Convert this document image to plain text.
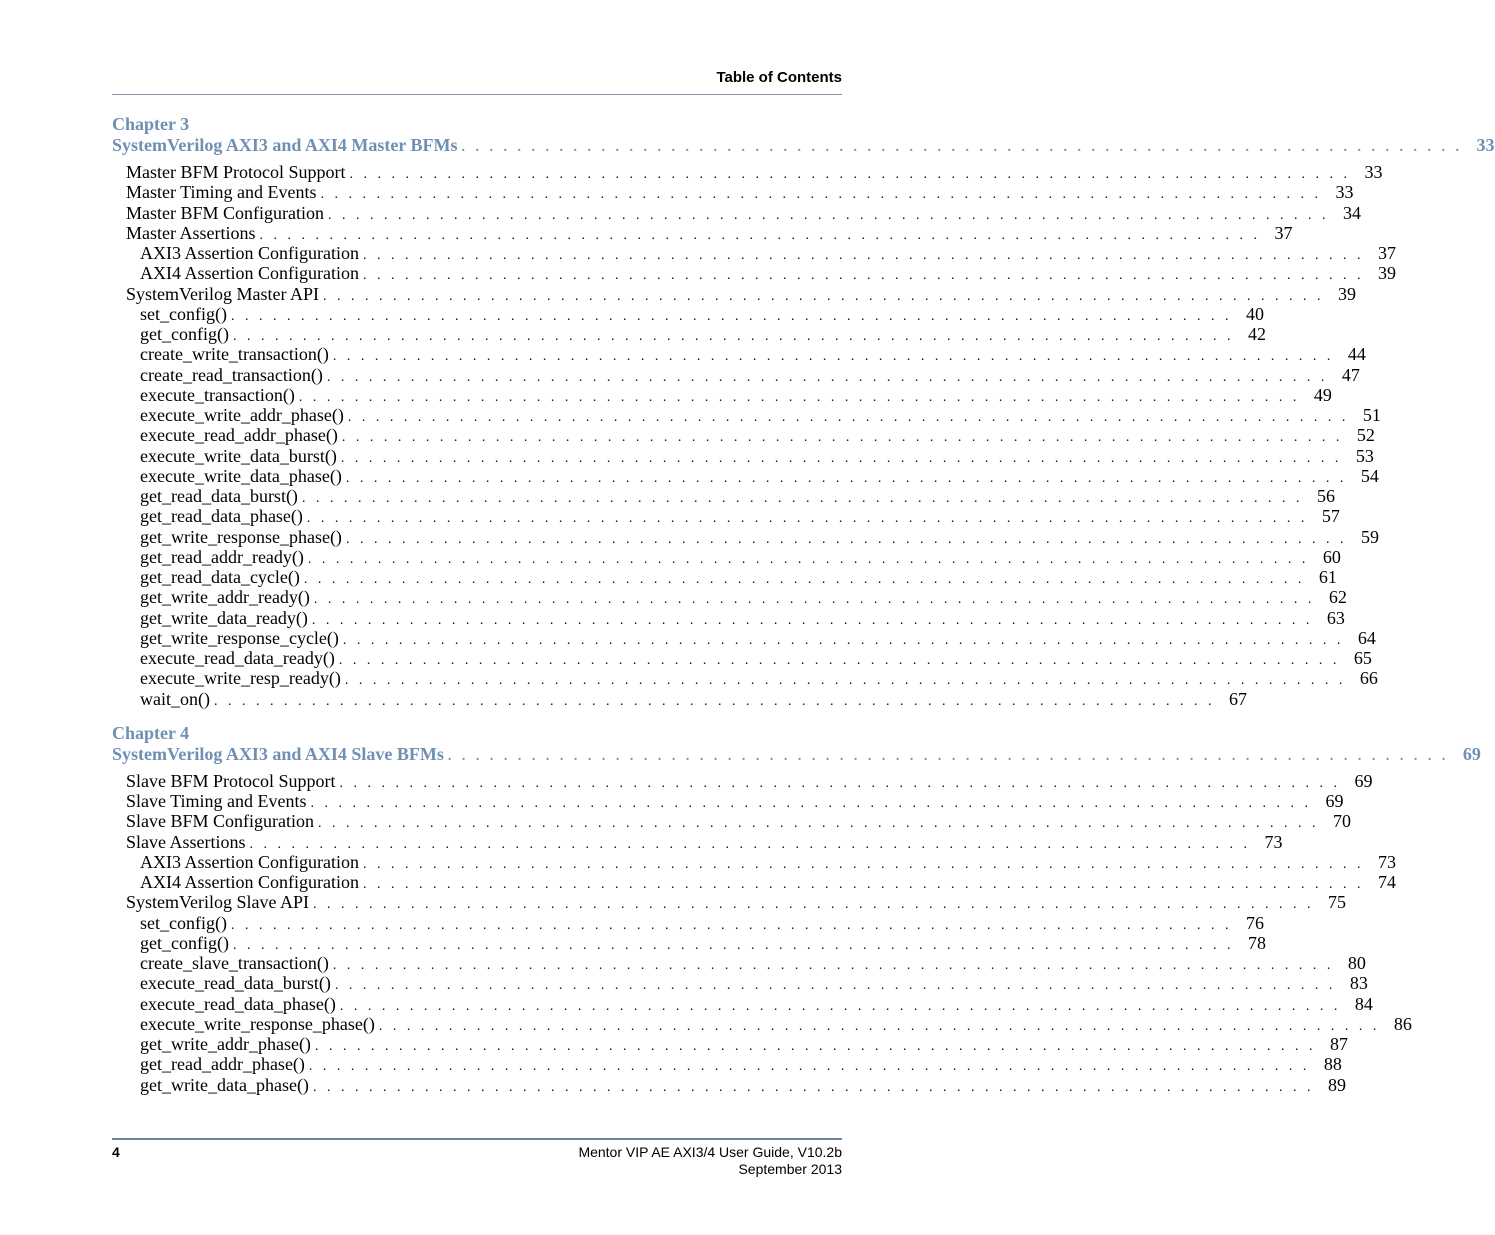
Table of Contents
Chapter 3
SystemVerilog AXI3 and AXI4 Master BFMs . . . . . . . . . . . . . . . . . . . . . . . . . . . . . . . . . . . . . . . . . . . . . . . . . . . . . . . . . . . . . . . . . . . . . . . . 33
Master BFM Protocol Support . . . . . . . . . . . . . . . . . . . . . . . . . . . . . . . . . . . . . . . . . . . . . . . . . . . . . . . . . . . . . . . . . . . . . . . . 33
Master Timing and Events . . . . . . . . . . . . . . . . . . . . . . . . . . . . . . . . . . . . . . . . . . . . . . . . . . . . . . . . . . . . . . . . . . . . . . . . 33
Master BFM Configuration . . . . . . . . . . . . . . . . . . . . . . . . . . . . . . . . . . . . . . . . . . . . . . . . . . . . . . . . . . . . . . . . . . . . . . . . 34
Master Assertions . . . . . . . . . . . . . . . . . . . . . . . . . . . . . . . . . . . . . . . . . . . . . . . . . . . . . . . . . . . . . . . . . . . . . . . . 37
AXI3 Assertion Configuration . . . . . . . . . . . . . . . . . . . . . . . . . . . . . . . . . . . . . . . . . . . . . . . . . . . . . . . . . . . . . . . . . . . . . . . . 37
AXI4 Assertion Configuration . . . . . . . . . . . . . . . . . . . . . . . . . . . . . . . . . . . . . . . . . . . . . . . . . . . . . . . . . . . . . . . . . . . . . . . . 39
SystemVerilog Master API . . . . . . . . . . . . . . . . . . . . . . . . . . . . . . . . . . . . . . . . . . . . . . . . . . . . . . . . . . . . . . . . . . . . . . . . 39
set_config() . . . . . . . . . . . . . . . . . . . . . . . . . . . . . . . . . . . . . . . . . . . . . . . . . . . . . . . . . . . . . . . . . . . . . . . . 40
get_config() . . . . . . . . . . . . . . . . . . . . . . . . . . . . . . . . . . . . . . . . . . . . . . . . . . . . . . . . . . . . . . . . . . . . . . . . 42
create_write_transaction() . . . . . . . . . . . . . . . . . . . . . . . . . . . . . . . . . . . . . . . . . . . . . . . . . . . . . . . . . . . . . . . . . . . . . . . . 44
create_read_transaction() . . . . . . . . . . . . . . . . . . . . . . . . . . . . . . . . . . . . . . . . . . . . . . . . . . . . . . . . . . . . . . . . . . . . . . . . 47
execute_transaction() . . . . . . . . . . . . . . . . . . . . . . . . . . . . . . . . . . . . . . . . . . . . . . . . . . . . . . . . . . . . . . . . . . . . . . . . 49
execute_write_addr_phase() . . . . . . . . . . . . . . . . . . . . . . . . . . . . . . . . . . . . . . . . . . . . . . . . . . . . . . . . . . . . . . . . . . . . . . . . 51
execute_read_addr_phase() . . . . . . . . . . . . . . . . . . . . . . . . . . . . . . . . . . . . . . . . . . . . . . . . . . . . . . . . . . . . . . . . . . . . . . . . 52
execute_write_data_burst() . . . . . . . . . . . . . . . . . . . . . . . . . . . . . . . . . . . . . . . . . . . . . . . . . . . . . . . . . . . . . . . . . . . . . . . . 53
execute_write_data_phase() . . . . . . . . . . . . . . . . . . . . . . . . . . . . . . . . . . . . . . . . . . . . . . . . . . . . . . . . . . . . . . . . . . . . . . . . 54
get_read_data_burst() . . . . . . . . . . . . . . . . . . . . . . . . . . . . . . . . . . . . . . . . . . . . . . . . . . . . . . . . . . . . . . . . . . . . . . . . 56
get_read_data_phase() . . . . . . . . . . . . . . . . . . . . . . . . . . . . . . . . . . . . . . . . . . . . . . . . . . . . . . . . . . . . . . . . . . . . . . . . 57
get_write_response_phase() . . . . . . . . . . . . . . . . . . . . . . . . . . . . . . . . . . . . . . . . . . . . . . . . . . . . . . . . . . . . . . . . . . . . . . . . 59
get_read_addr_ready() . . . . . . . . . . . . . . . . . . . . . . . . . . . . . . . . . . . . . . . . . . . . . . . . . . . . . . . . . . . . . . . . . . . . . . . . 60
get_read_data_cycle() . . . . . . . . . . . . . . . . . . . . . . . . . . . . . . . . . . . . . . . . . . . . . . . . . . . . . . . . . . . . . . . . . . . . . . . . 61
get_write_addr_ready() . . . . . . . . . . . . . . . . . . . . . . . . . . . . . . . . . . . . . . . . . . . . . . . . . . . . . . . . . . . . . . . . . . . . . . . . 62
get_write_data_ready() . . . . . . . . . . . . . . . . . . . . . . . . . . . . . . . . . . . . . . . . . . . . . . . . . . . . . . . . . . . . . . . . . . . . . . . . 63
get_write_response_cycle() . . . . . . . . . . . . . . . . . . . . . . . . . . . . . . . . . . . . . . . . . . . . . . . . . . . . . . . . . . . . . . . . . . . . . . . . 64
execute_read_data_ready() . . . . . . . . . . . . . . . . . . . . . . . . . . . . . . . . . . . . . . . . . . . . . . . . . . . . . . . . . . . . . . . . . . . . . . . . 65
execute_write_resp_ready() . . . . . . . . . . . . . . . . . . . . . . . . . . . . . . . . . . . . . . . . . . . . . . . . . . . . . . . . . . . . . . . . . . . . . . . . 66
wait_on() . . . . . . . . . . . . . . . . . . . . . . . . . . . . . . . . . . . . . . . . . . . . . . . . . . . . . . . . . . . . . . . . . . . . . . . . 67
Chapter 4
SystemVerilog AXI3 and AXI4 Slave BFMs . . . . . . . . . . . . . . . . . . . . . . . . . . . . . . . . . . . . . . . . . . . . . . . . . . . . . . . . . . . . . . . . . . . . . . . . 69
Slave BFM Protocol Support . . . . . . . . . . . . . . . . . . . . . . . . . . . . . . . . . . . . . . . . . . . . . . . . . . . . . . . . . . . . . . . . . . . . . . . . 69
Slave Timing and Events . . . . . . . . . . . . . . . . . . . . . . . . . . . . . . . . . . . . . . . . . . . . . . . . . . . . . . . . . . . . . . . . . . . . . . . . 69
Slave BFM Configuration . . . . . . . . . . . . . . . . . . . . . . . . . . . . . . . . . . . . . . . . . . . . . . . . . . . . . . . . . . . . . . . . . . . . . . . . 70
Slave Assertions . . . . . . . . . . . . . . . . . . . . . . . . . . . . . . . . . . . . . . . . . . . . . . . . . . . . . . . . . . . . . . . . . . . . . . . . 73
AXI3 Assertion Configuration . . . . . . . . . . . . . . . . . . . . . . . . . . . . . . . . . . . . . . . . . . . . . . . . . . . . . . . . . . . . . . . . . . . . . . . . 73
AXI4 Assertion Configuration . . . . . . . . . . . . . . . . . . . . . . . . . . . . . . . . . . . . . . . . . . . . . . . . . . . . . . . . . . . . . . . . . . . . . . . . 74
SystemVerilog Slave API . . . . . . . . . . . . . . . . . . . . . . . . . . . . . . . . . . . . . . . . . . . . . . . . . . . . . . . . . . . . . . . . . . . . . . . . 75
set_config() . . . . . . . . . . . . . . . . . . . . . . . . . . . . . . . . . . . . . . . . . . . . . . . . . . . . . . . . . . . . . . . . . . . . . . . . 76
get_config() . . . . . . . . . . . . . . . . . . . . . . . . . . . . . . . . . . . . . . . . . . . . . . . . . . . . . . . . . . . . . . . . . . . . . . . . 78
create_slave_transaction() . . . . . . . . . . . . . . . . . . . . . . . . . . . . . . . . . . . . . . . . . . . . . . . . . . . . . . . . . . . . . . . . . . . . . . . . 80
execute_read_data_burst() . . . . . . . . . . . . . . . . . . . . . . . . . . . . . . . . . . . . . . . . . . . . . . . . . . . . . . . . . . . . . . . . . . . . . . . . 83
execute_read_data_phase() . . . . . . . . . . . . . . . . . . . . . . . . . . . . . . . . . . . . . . . . . . . . . . . . . . . . . . . . . . . . . . . . . . . . . . . . 84
execute_write_response_phase() . . . . . . . . . . . . . . . . . . . . . . . . . . . . . . . . . . . . . . . . . . . . . . . . . . . . . . . . . . . . . . . . . . . . . . . . 86
get_write_addr_phase() . . . . . . . . . . . . . . . . . . . . . . . . . . . . . . . . . . . . . . . . . . . . . . . . . . . . . . . . . . . . . . . . . . . . . . . . 87
get_read_addr_phase() . . . . . . . . . . . . . . . . . . . . . . . . . . . . . . . . . . . . . . . . . . . . . . . . . . . . . . . . . . . . . . . . . . . . . . . . 88
get_write_data_phase() . . . . . . . . . . . . . . . . . . . . . . . . . . . . . . . . . . . . . . . . . . . . . . . . . . . . . . . . . . . . . . . . . . . . . . . . 89
4	Mentor VIP AE AXI3/4 User Guide, V10.2b
September 2013
